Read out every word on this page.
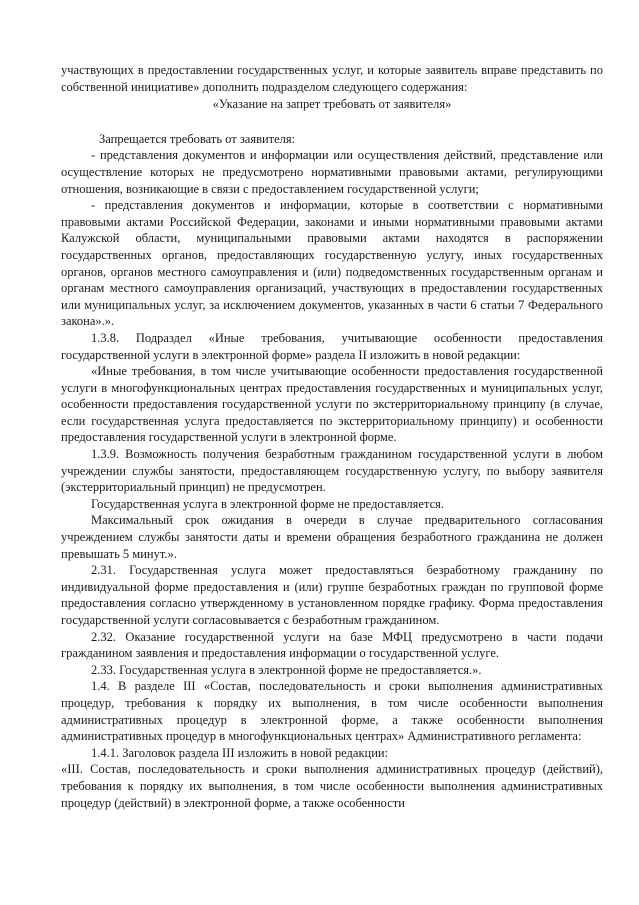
участвующих в предоставлении государственных услуг, и которые заявитель вправе представить по собственной инициативе» дополнить подразделом следующего содержания:

«Указание на запрет требовать от заявителя»

Запрещается требовать от заявителя:

- представления документов и информации или осуществления действий, представление или осуществление которых не предусмотрено нормативными правовыми актами, регулирующими отношения, возникающие в связи с предоставлением государственной услуги;

- представления документов и информации, которые в соответствии с нормативными правовыми актами Российской Федерации, законами и иными нормативными правовыми актами Калужской области, муниципальными правовыми актами находятся в распоряжении государственных органов, предоставляющих государственную услугу, иных государственных органов, органов местного самоуправления и (или) подведомственных государственным органам и органам местного самоуправления организаций, участвующих в предоставлении государственных или муниципальных услуг, за исключением документов, указанных в части 6 статьи 7 Федерального закона».».

1.3.8. Подраздел «Иные требования, учитывающие особенности предоставления государственной услуги в электронной форме» раздела II изложить в новой редакции:

«Иные требования, в том числе учитывающие особенности предоставления государственной услуги в многофункциональных центрах предоставления государственных и муниципальных услуг, особенности предоставления государственной услуги по экстерриториальному принципу (в случае, если государственная услуга предоставляется по экстерриториальному принципу) и особенности предоставления государственной услуги в электронной форме.

1.3.9. Возможность получения безработным гражданином государственной услуги в любом учреждении службы занятости, предоставляющем государственную услугу, по выбору заявителя (экстерриториальный принцип) не предусмотрен.

Государственная услуга в электронной форме не предоставляется.

Максимальный срок ожидания в очереди в случае предварительного согласования учреждением службы занятости даты и времени обращения безработного гражданина не должен превышать 5 минут.».

2.31. Государственная услуга может предоставляться безработному гражданину по индивидуальной форме предоставления и (или) группе безработных граждан по групповой форме предоставления согласно утвержденному в установленном порядке графику. Форма предоставления государственной услуги согласовывается с безработным гражданином.

2.32. Оказание государственной услуги на базе МФЦ предусмотрено в части подачи гражданином заявления и предоставления информации о государственной услуге.

2.33. Государственная услуга в электронной форме не предоставляется.».

1.4. В разделе III «Состав, последовательность и сроки выполнения административных процедур, требования к порядку их выполнения, в том числе особенности выполнения административных процедур в электронной форме, а также особенности выполнения административных процедур в многофункциональных центрах» Административного регламента:

1.4.1. Заголовок раздела III изложить в новой редакции:

«III. Состав, последовательность и сроки выполнения административных процедур (действий), требования к порядку их выполнения, в том числе особенности выполнения административных процедур (действий) в электронной форме, а также особенности
